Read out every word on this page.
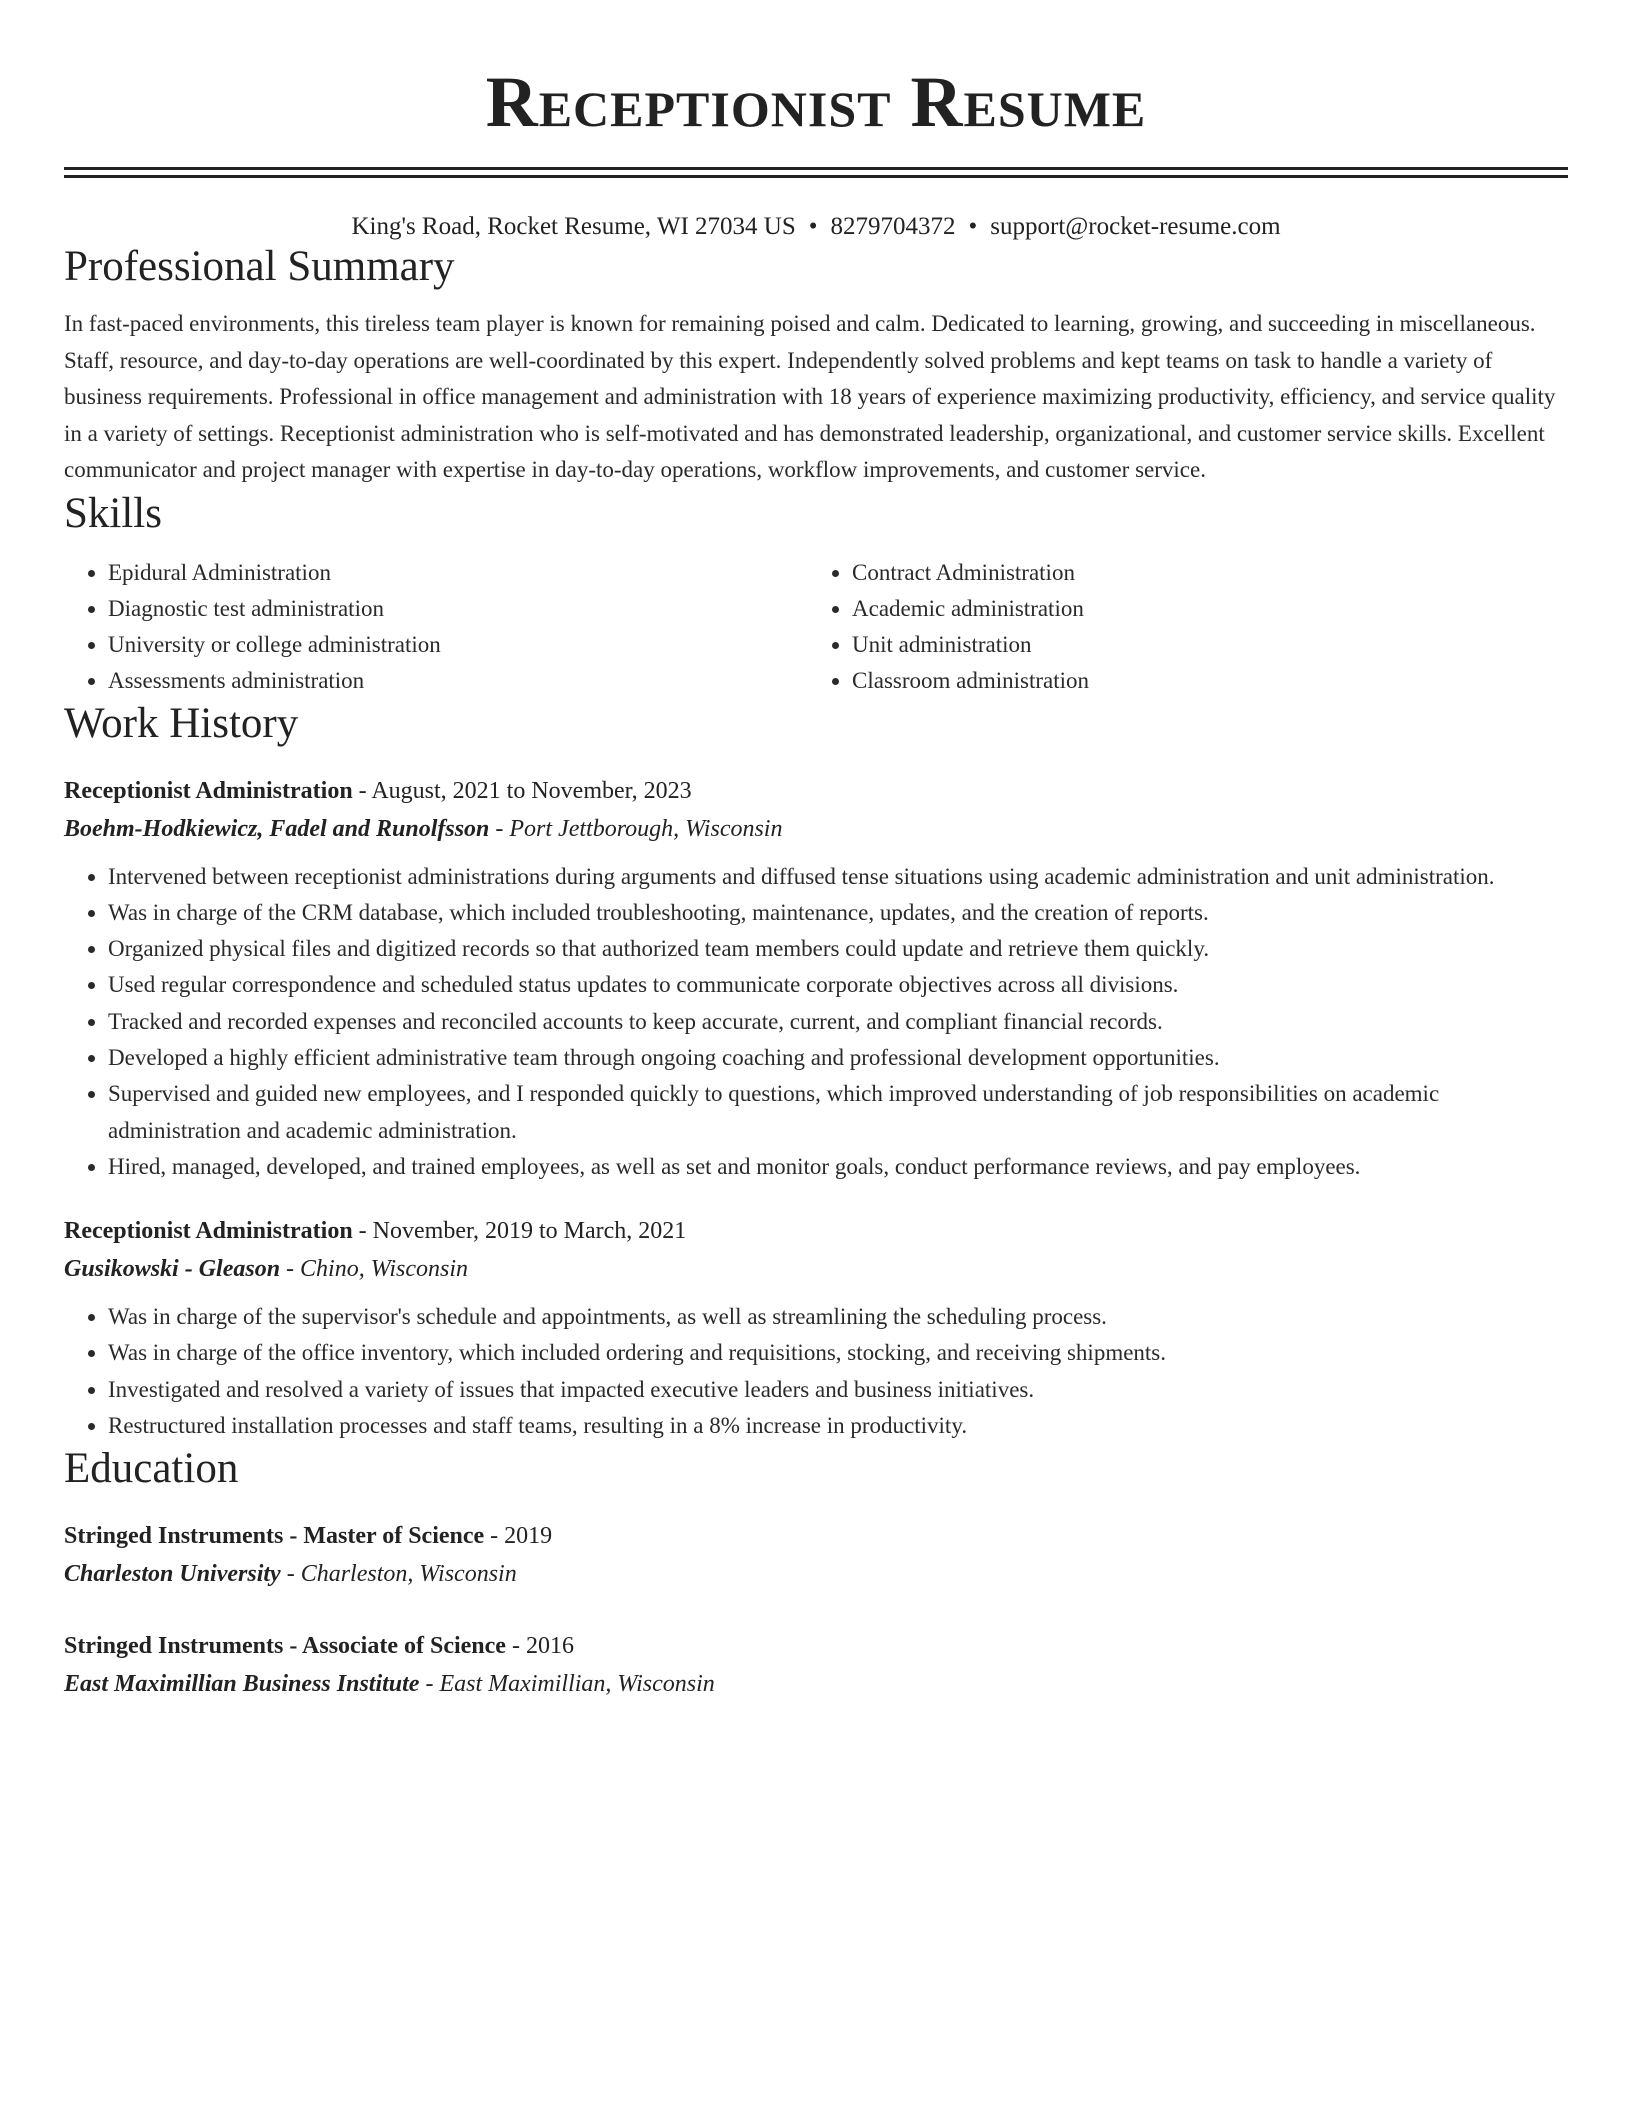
Receptionist Resume
King's Road, Rocket Resume, WI 27034 US • 8279704372 • support@rocket-resume.com
Professional Summary
In fast-paced environments, this tireless team player is known for remaining poised and calm. Dedicated to learning, growing, and succeeding in miscellaneous. Staff, resource, and day-to-day operations are well-coordinated by this expert. Independently solved problems and kept teams on task to handle a variety of business requirements. Professional in office management and administration with 18 years of experience maximizing productivity, efficiency, and service quality in a variety of settings. Receptionist administration who is self-motivated and has demonstrated leadership, organizational, and customer service skills. Excellent communicator and project manager with expertise in day-to-day operations, workflow improvements, and customer service.
Skills
• Epidural Administration
• Diagnostic test administration
• University or college administration
• Assessments administration
• Contract Administration
• Academic administration
• Unit administration
• Classroom administration
Work History
Receptionist Administration - August, 2021 to November, 2023
Boehm-Hodkiewicz, Fadel and Runolfsson - Port Jettborough, Wisconsin
• Intervened between receptionist administrations during arguments and diffused tense situations using academic administration and unit administration.
• Was in charge of the CRM database, which included troubleshooting, maintenance, updates, and the creation of reports.
• Organized physical files and digitized records so that authorized team members could update and retrieve them quickly.
• Used regular correspondence and scheduled status updates to communicate corporate objectives across all divisions.
• Tracked and recorded expenses and reconciled accounts to keep accurate, current, and compliant financial records.
• Developed a highly efficient administrative team through ongoing coaching and professional development opportunities.
• Supervised and guided new employees, and I responded quickly to questions, which improved understanding of job responsibilities on academic administration and academic administration.
• Hired, managed, developed, and trained employees, as well as set and monitor goals, conduct performance reviews, and pay employees.
Receptionist Administration - November, 2019 to March, 2021
Gusikowski - Gleason - Chino, Wisconsin
• Was in charge of the supervisor's schedule and appointments, as well as streamlining the scheduling process.
• Was in charge of the office inventory, which included ordering and requisitions, stocking, and receiving shipments.
• Investigated and resolved a variety of issues that impacted executive leaders and business initiatives.
• Restructured installation processes and staff teams, resulting in a 8% increase in productivity.
Education
Stringed Instruments - Master of Science - 2019
Charleston University - Charleston, Wisconsin
Stringed Instruments - Associate of Science - 2016
East Maximillian Business Institute - East Maximillian, Wisconsin
